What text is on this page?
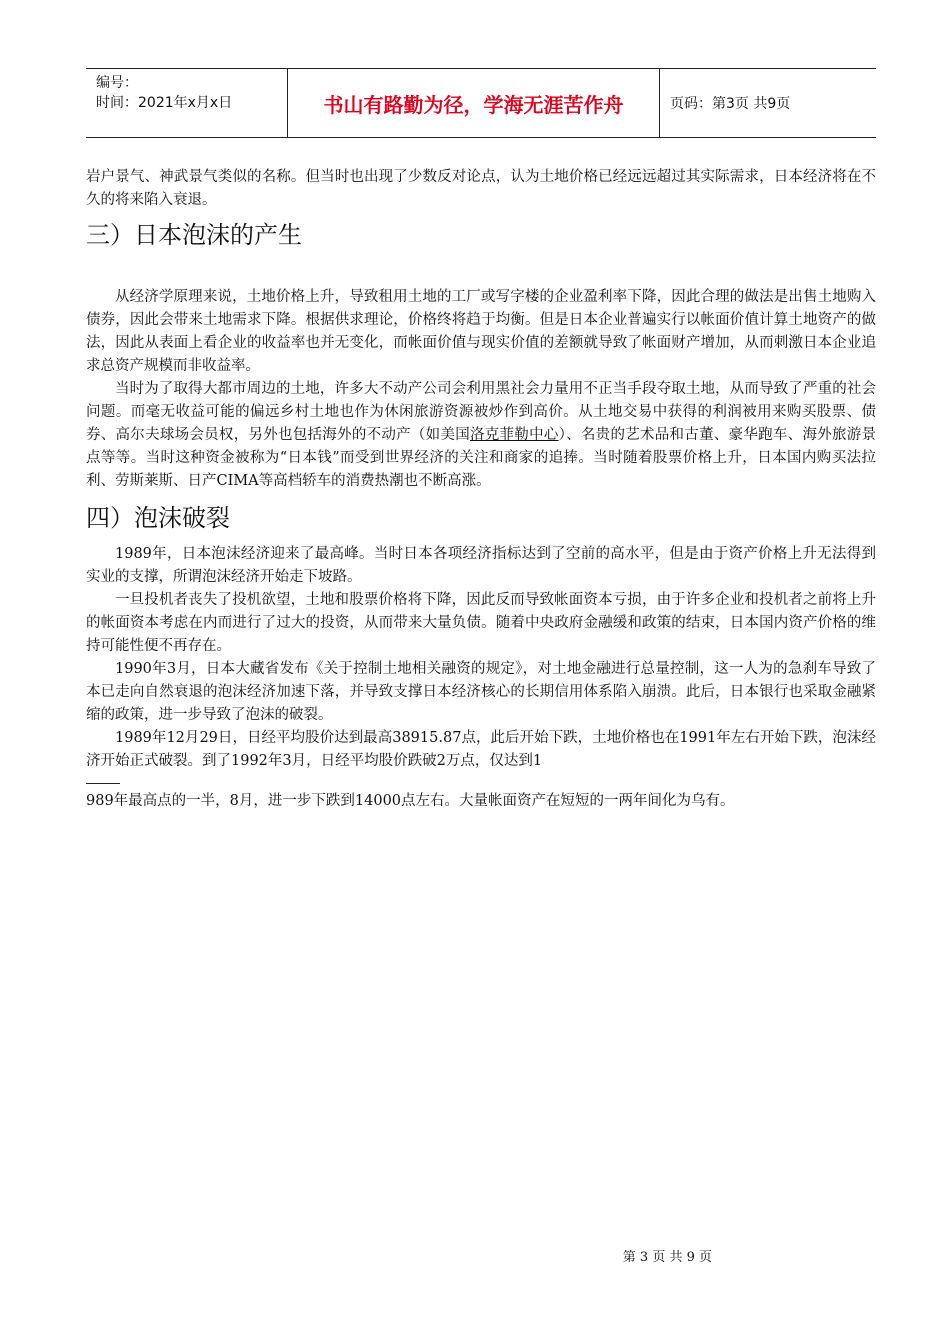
编号：
时间：2021年x月x日	书山有路勤为径，学海无涯苦作舟	页码：第3页 共9页

岩户景气、神武景气类似的名称。但当时也出现了少数反对论点，认为土地价格已经远远超过其实际需求，日本经济将在不久的将来陷入衰退。

三）日本泡沫的产生

从经济学原理来说，土地价格上升，导致租用土地的工厂或写字楼的企业盈利率下降，因此合理的做法是出售土地购入债券，因此会带来土地需求下降。根据供求理论，价格终将趋于均衡。但是日本企业普遍实行以帐面价值计算土地资产的做法，因此从表面上看企业的收益率也并无变化，而帐面价值与现实价值的差额就导致了帐面财产增加，从而刺激日本企业追求总资产规模而非收益率。

当时为了取得大都市周边的土地，许多大不动产公司会利用黑社会力量用不正当手段夺取土地，从而导致了严重的社会问题。而毫无收益可能的偏远乡村土地也作为休闲旅游资源被炒作到高价。从土地交易中获得的利润被用来购买股票、债券、高尔夫球场会员权，另外也包括海外的不动产（如美国洛克菲勒中心）、名贵的艺术品和古董、豪华跑车、海外旅游景点等等。当时这种资金被称为“日本钱”而受到世界经济的关注和商家的追捧。当时随着股票价格上升，日本国内购买法拉利、劳斯莱斯、日产CIMA等高档轿车的消费热潮也不断高涨。

四）泡沫破裂

1989年，日本泡沫经济迎来了最高峰。当时日本各项经济指标达到了空前的高水平，但是由于资产价格上升无法得到实业的支撑，所谓泡沫经济开始走下坡路。

一旦投机者丧失了投机欲望，土地和股票价格将下降，因此反而导致帐面资本亏损，由于许多企业和投机者之前将上升的帐面资本考虑在内而进行了过大的投资，从而带来大量负债。随着中央政府金融缓和政策的结束，日本国内资产价格的维持可能性便不再存在。

1990年3月，日本大藏省发布《关于控制土地相关融资的规定》，对土地金融进行总量控制，这一人为的急刹车导致了本已走向自然衰退的泡沫经济加速下落，并导致支撑日本经济核心的长期信用体系陷入崩溃。此后，日本银行也采取金融紧缩的政策，进一步导致了泡沫的破裂。

1989年12月29日，日经平均股价达到最高38915.87点，此后开始下跌，土地价格也在1991年左右开始下跌，泡沫经济开始正式破裂。到了1992年3月，日经平均股价跌破2万点，仅达到1

989年最高点的一半，8月，进一步下跌到14000点左右。大量帐面资产在短短的一两年间化为乌有。

第 3 页 共 9 页
